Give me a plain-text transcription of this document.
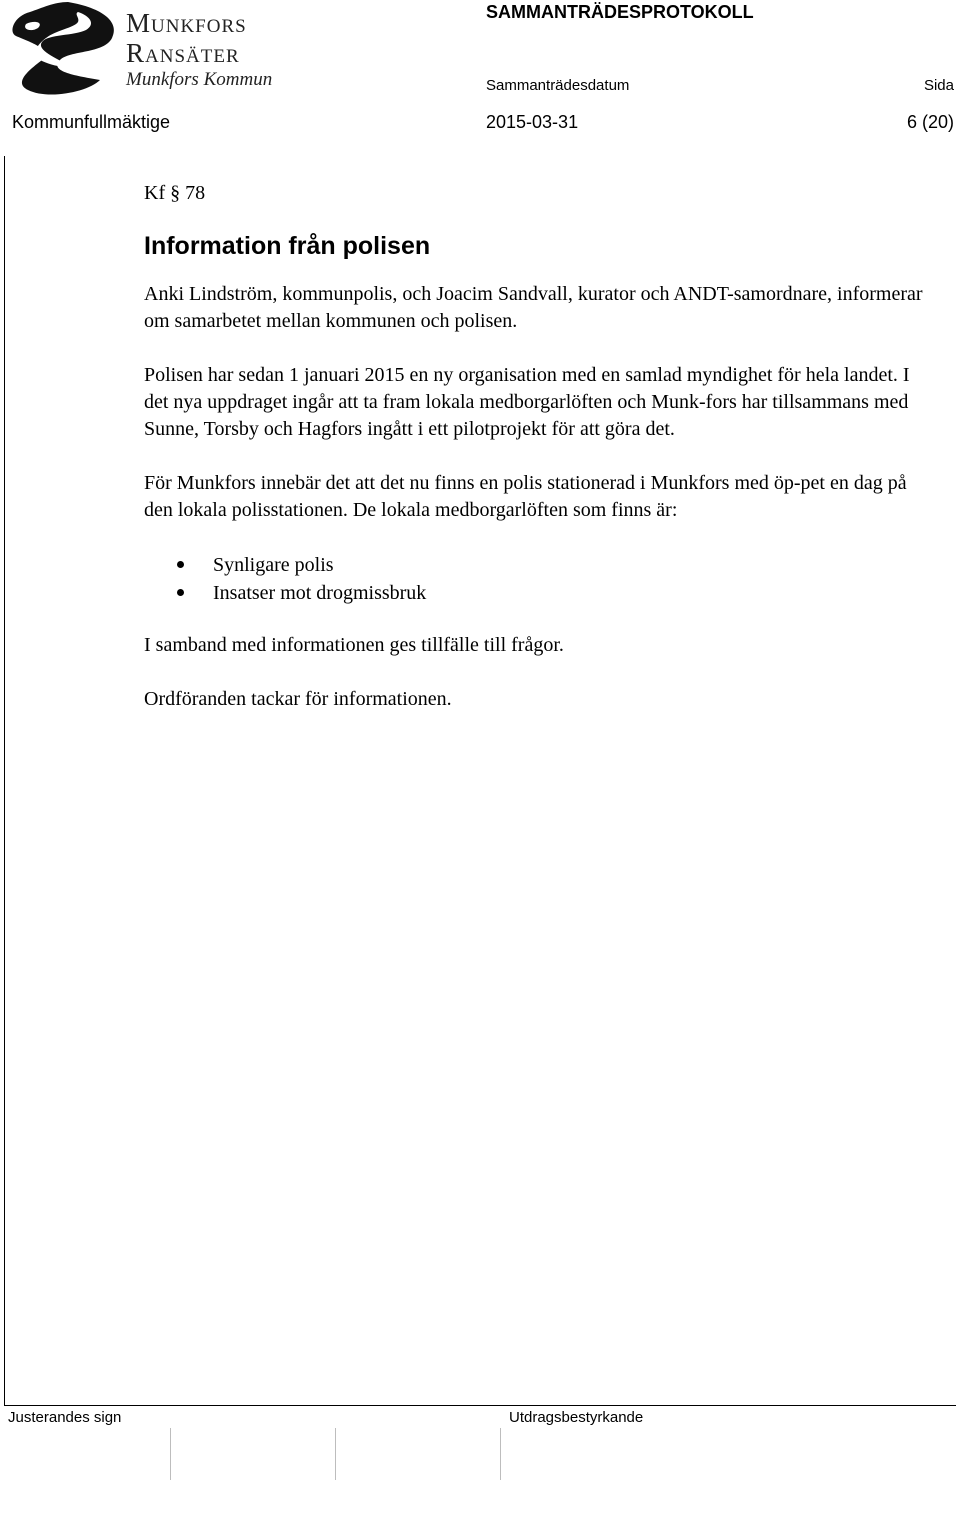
Munkfors
Ransäter
Munkfors Kommun
SAMMANTRÄDESPROTOKOLL
Sammanträdesdatum	Sida
Kommunfullmäktige	2015-03-31	6 (20)
Kf § 78
Information från polisen

Anki Lindström, kommunpolis, och Joacim Sandvall, kurator och ANDT-samordnare, informerar om samarbetet mellan kommunen och polisen.

Polisen har sedan 1 januari 2015 en ny organisation med en samlad myndighet för hela landet. I det nya uppdraget ingår att ta fram lokala medborgarlöften och Munk-fors har tillsammans med Sunne, Torsby och Hagfors ingått i ett pilotprojekt för att göra det.

För Munkfors innebär det att det nu finns en polis stationerad i Munkfors med öp-pet en dag på den lokala polisstationen. De lokala medborgarlöften som finns är:

Synligare polis
Insatser mot drogmissbruk

I samband med informationen ges tillfälle till frågor.

Ordföranden tackar för informationen.

Justerandes sign	Utdragsbestyrkande
